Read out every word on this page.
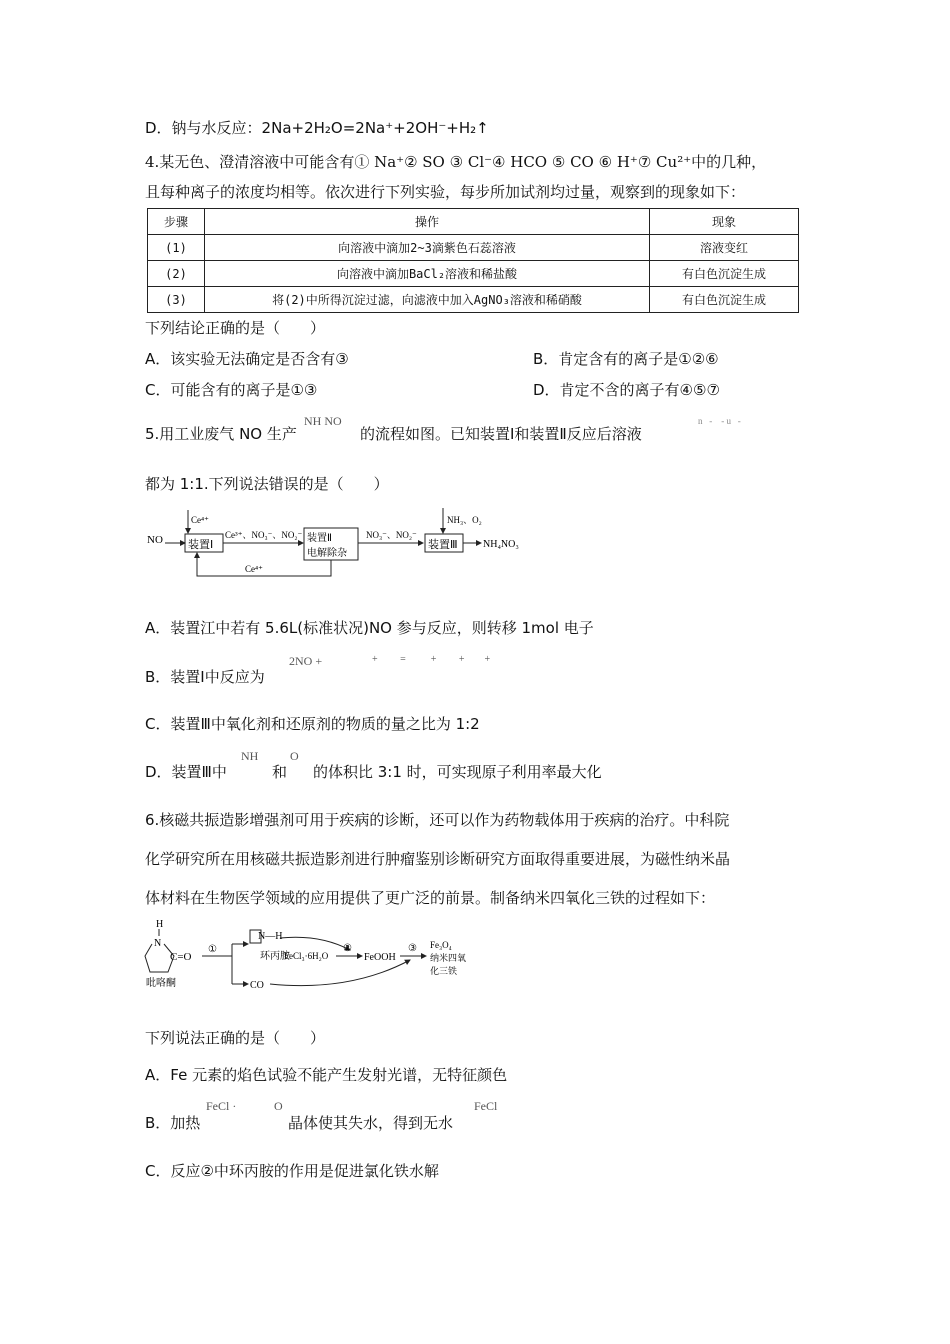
D．钠与水反应：2Na+2H₂O=2Na⁺+2OH⁻+H₂↑
4.某无色、澄清溶液中可能含有① Na⁺② SO ③ Cl⁻④ HCO ⑤ CO ⑥ H⁺⑦ Cu²⁺中的几种，
且每种离子的浓度均相等。依次进行下列实验，每步所加试剂均过量，观察到的现象如下：
步骤	操作	现象
(1)	向溶液中滴加2~3滴紫色石蕊溶液	溶液变红
(2)	向溶液中滴加BaCl₂溶液和稀盐酸	有白色沉淀生成
(3)	将(2)中所得沉淀过滤，向滤液中加入AgNO₃溶液和稀硝酸	有白色沉淀生成
下列结论正确的是（　　）
A．该实验无法确定是否含有③	B．肯定含有的离子是①②⑥
C．可能含有的离子是①③	D．肯定不含的离子有④⑤⑦
5.用工业废气 NO 生产
NH NO
的流程如图。已知装置Ⅰ和装置Ⅱ反应后溶液
n   -    - u   -
都为 1:1.下列说法错误的是（　　）
NO
Ce⁴⁺
装置Ⅰ
Ce³⁺、NO₃⁻、NO₂⁻ 装置Ⅱ
电解除杂
NO₃⁻、NO₂⁻
NH₃、O₂
装置Ⅲ	NH₄NO₃
Ce⁴⁺
A．装置江中若有 5.6L(标准状况)NO 参与反应，则转移 1mol 电子
B．装置Ⅰ中反应为
2NO +	+         =          +         +        +
C．装置Ⅲ中氧化剂和还原剂的物质的量之比为 1:2
D．装置Ⅲ中
NH
和
O
的体积比 3:1 时，可实现原子利用率最大化
6.核磁共振造影增强剂可用于疾病的诊断，还可以作为药物载体用于疾病的治疗。中科院
化学研究所在用核磁共振造影剂进行肿瘤鉴别诊断研究方面取得重要进展，为磁性纳米晶
体材料在生物医学领域的应用提供了更广泛的前景。制备纳米四氧化三铁的过程如下：
H
N
C=O
吡咯酮
①
N—H
环丙胺
CO
FeCl₃·6H₂O
②
FeOOH
③ Fe₃O₄
纳米四氧
化三铁
下列说法正确的是（　　）
A．Fe 元素的焰色试验不能产生发射光谱，无特征颜色
B．加热
FeCl ·	O
晶体使其失水，得到无水
FeCl
C．反应②中环丙胺的作用是促进氯化铁水解
